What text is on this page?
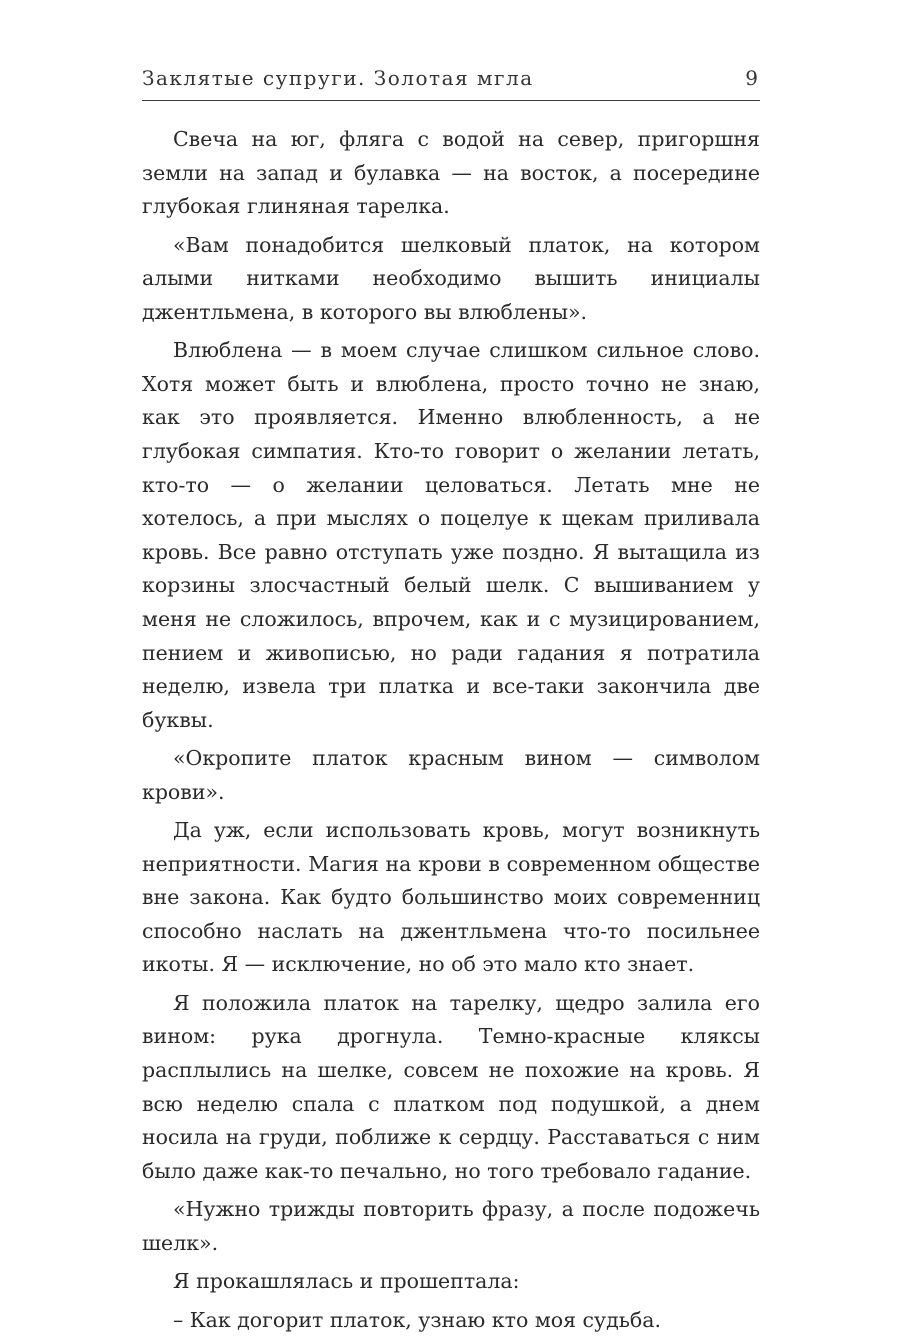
Заклятые супруги. Золотая мгла	9

Свеча на юг, фляга с водой на север, пригоршня земли на запад и булавка — на восток, а посередине глубокая глиняная тарелка.

«Вам понадобится шелковый платок, на котором алыми нитками необходимо вышить инициалы джентльмена, в которого вы влюблены».

Влюблена — в моем случае слишком сильное слово. Хотя может быть и влюблена, просто точно не знаю, как это проявляется. Именно влюбленность, а не глубокая симпатия. Кто-то говорит о желании летать, кто-то — о желании целоваться. Летать мне не хотелось, а при мыслях о поцелуе к щекам приливала кровь. Все равно отступать уже поздно. Я вытащила из корзины злосчастный белый шелк. С вышиванием у меня не сложилось, впрочем, как и с музицированием, пением и живописью, но ради гадания я потратила неделю, извела три платка и все-таки закончила две буквы.

«Окропите платок красным вином — символом крови».

Да уж, если использовать кровь, могут возникнуть неприятности. Магия на крови в современном обществе вне закона. Как будто большинство моих современниц способно наслать на джентльмена что-то посильнее икоты. Я — исключение, но об это мало кто знает.

Я положила платок на тарелку, щедро залила его вином: рука дрогнула. Темно-красные кляксы расплылись на шелке, совсем не похожие на кровь. Я всю неделю спала с платком под подушкой, а днем носила на груди, поближе к сердцу. Расставаться с ним было даже как-то печально, но того требовало гадание.

«Нужно трижды повторить фразу, а после подожечь шелк».

Я прокашлялась и прошептала:

– Как догорит платок, узнаю кто моя судьба.
